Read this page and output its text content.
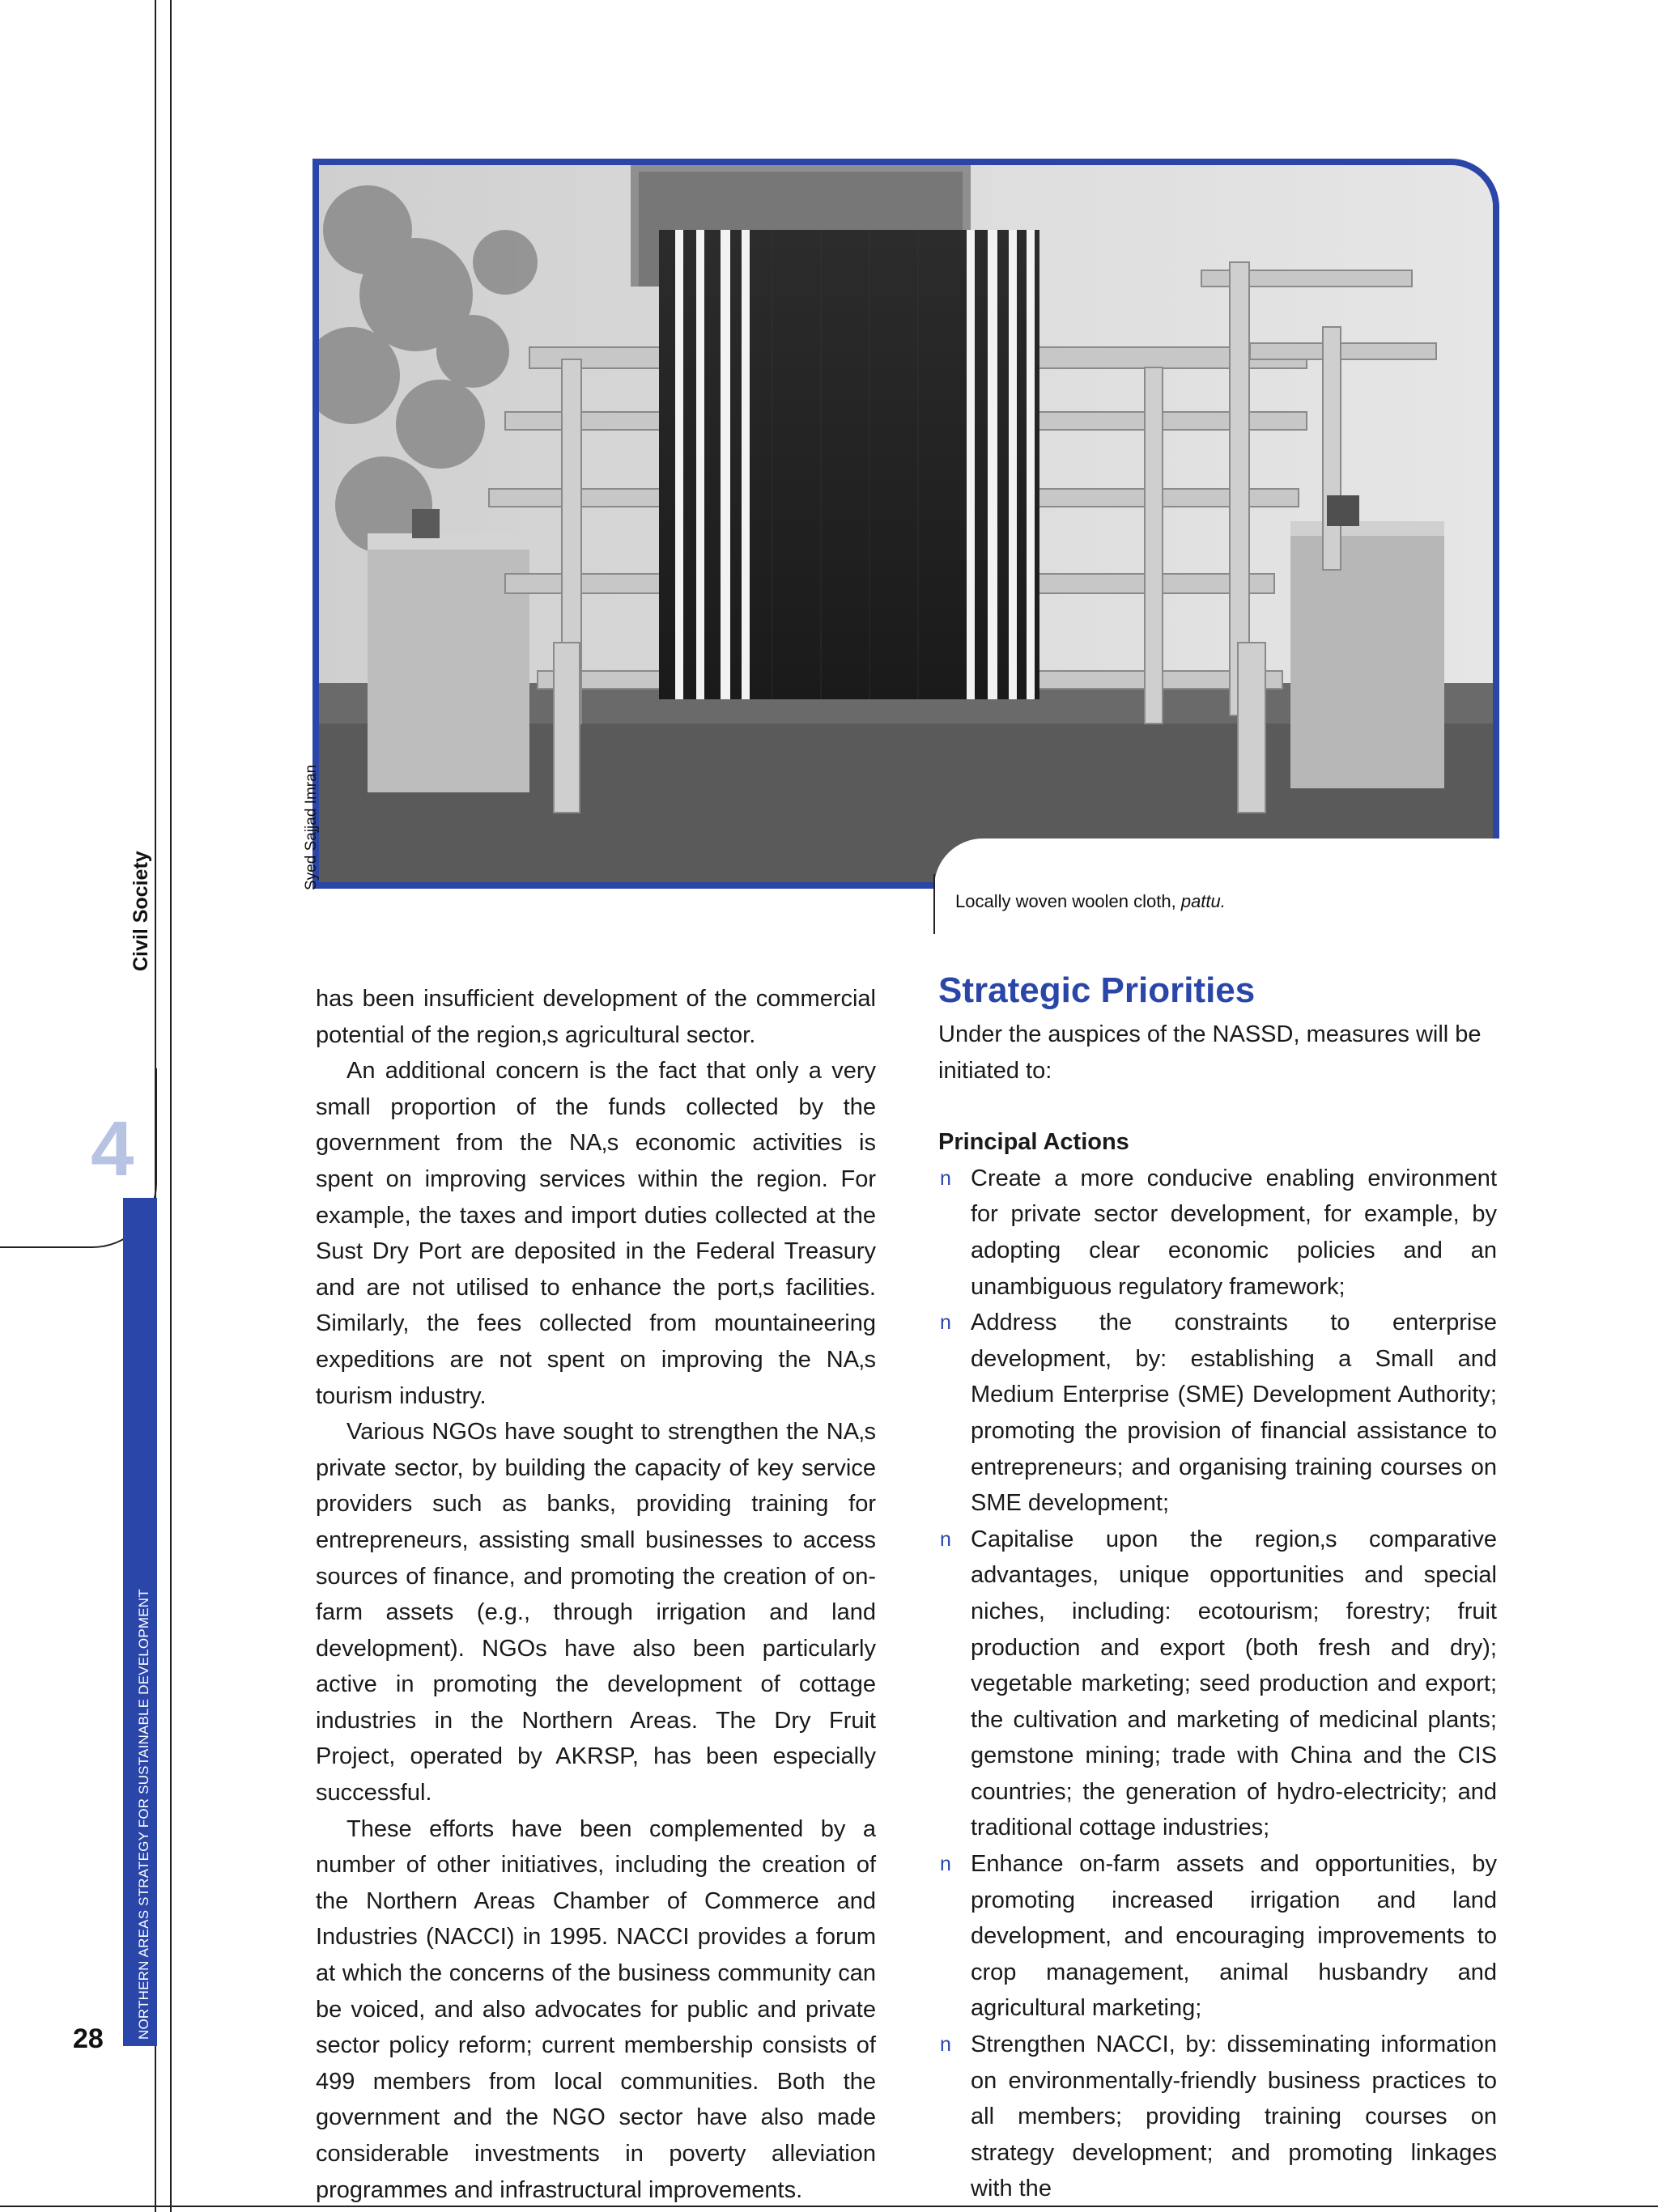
Civil Society
4
NORTHERN AREAS STRATEGY FOR SUSTAINABLE DEVELOPMENT
28
Locally woven woolen cloth, pattu.
Syed Sajjad Imran

has been insufficient development of the commercial potential of the region‚s agricultural sector.

An additional concern is the fact that only a very small proportion of the funds collected by the government from the NA‚s economic activities is spent on improving services within the region. For example, the taxes and import duties collected at the Sust Dry Port are deposited in the Federal Treasury and are not utilised to enhance the port‚s facilities. Similarly, the fees collected from mountaineering expeditions are not spent on improving the NA‚s tourism industry.

Various NGOs have sought to strengthen the NA‚s private sector, by building the capacity of key service providers such as banks, providing training for entrepreneurs, assisting small businesses to access sources of finance, and promoting the creation of on-farm assets (e.g., through irrigation and land development). NGOs have also been particularly active in promoting the development of cottage industries in the Northern Areas. The Dry Fruit Project, operated by AKRSP, has been especially successful.

These efforts have been complemented by a number of other initiatives, including the creation of the Northern Areas Chamber of Commerce and Industries (NACCI) in 1995. NACCI provides a forum at which the concerns of the business community can be voiced, and also advocates for public and private sector policy reform; current membership consists of 499 members from local communities. Both the government and the NGO sector have also made considerable investments in poverty alleviation programmes and infrastructural improvements.

Strategic Priorities

Under the auspices of the NASSD, measures will be initiated to:

Principal Actions

n Create a more conducive enabling environment for private sector development, for example, by adopting clear economic policies and an unambiguous regulatory framework;
n Address the constraints to enterprise development, by: establishing a Small and Medium Enterprise (SME) Development Authority; promoting the provision of financial assistance to entrepreneurs; and organising training courses on SME development;
n Capitalise upon the region‚s comparative advantages, unique opportunities and special niches, including: ecotourism; forestry; fruit production and export (both fresh and dry); vegetable marketing; seed production and export; the cultivation and marketing of medicinal plants; gemstone mining; trade with China and the CIS countries; the generation of hydro-electricity; and traditional cottage industries;
n Enhance on-farm assets and opportunities, by promoting increased irrigation and land development, and encouraging improvements to crop management, animal husbandry and agricultural marketing;
n Strengthen NACCI, by: disseminating information on environmentally-friendly business practices to all members; providing training courses on strategy development; and promoting linkages with the
